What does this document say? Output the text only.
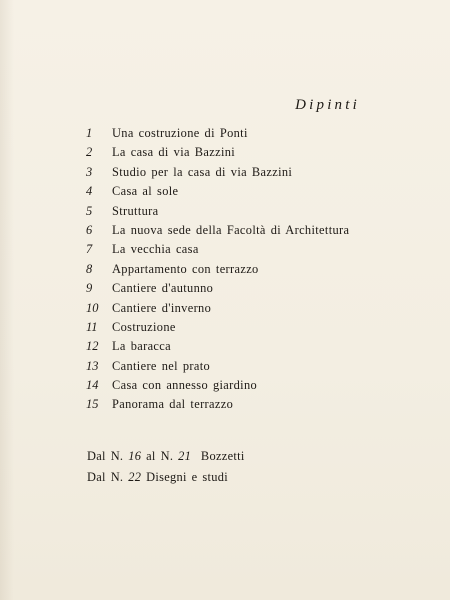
Dipinti
1	Una costruzione di Ponti
2	La casa di via Bazzini
3	Studio per la casa di via Bazzini
4	Casa al sole
5	Struttura
6	La nuova sede della Facoltà di Architettura
7	La vecchia casa
8	Appartamento con terrazzo
9	Cantiere d'autunno
10	Cantiere d'inverno
11	Costruzione
12	La baracca
13	Cantiere nel prato
14	Casa con annesso giardino
15	Panorama dal terrazzo
Dal N. 16 al N. 21  Bozzetti
Dal N. 22 Disegni e studi
